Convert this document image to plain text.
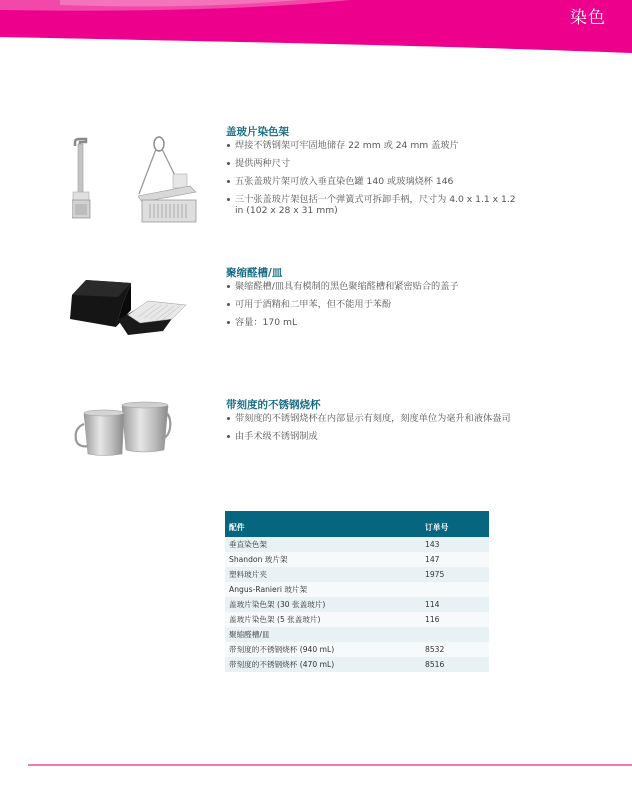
染色
盖玻片染色架
焊接不锈钢架可牢固地储存 22 mm 或 24 mm 盖玻片
提供两种尺寸
五张盖玻片架可放入垂直染色罐 140 或玻璃烧杯 146
三十张盖玻片架包括一个弹簧式可拆卸手柄，尺寸为 4.0 x 1.1 x 1.2 in (102 x 28 x 31 mm)
聚缩醛槽/皿
聚缩醛槽/皿具有模制的黑色聚缩醛槽和紧密贴合的盖子
可用于酒精和二甲苯，但不能用于苯酚
容量：170 mL
带刻度的不锈钢烧杯
带刻度的不锈钢烧杯在内部显示有刻度，刻度单位为毫升和液体盎司
由手术级不锈钢制成
配件	订单号
垂直染色架	143
Shandon 玻片架	147
塑料玻片夹	1975
Angus-Ranieri 玻片架	
盖玻片染色架 (30 张盖玻片)	114
盖玻片染色架 (5 张盖玻片)	116
聚缩醛槽/皿	
带刻度的不锈钢烧杯 (940 mL)	8532
带刻度的不锈钢烧杯 (470 mL)	8516
